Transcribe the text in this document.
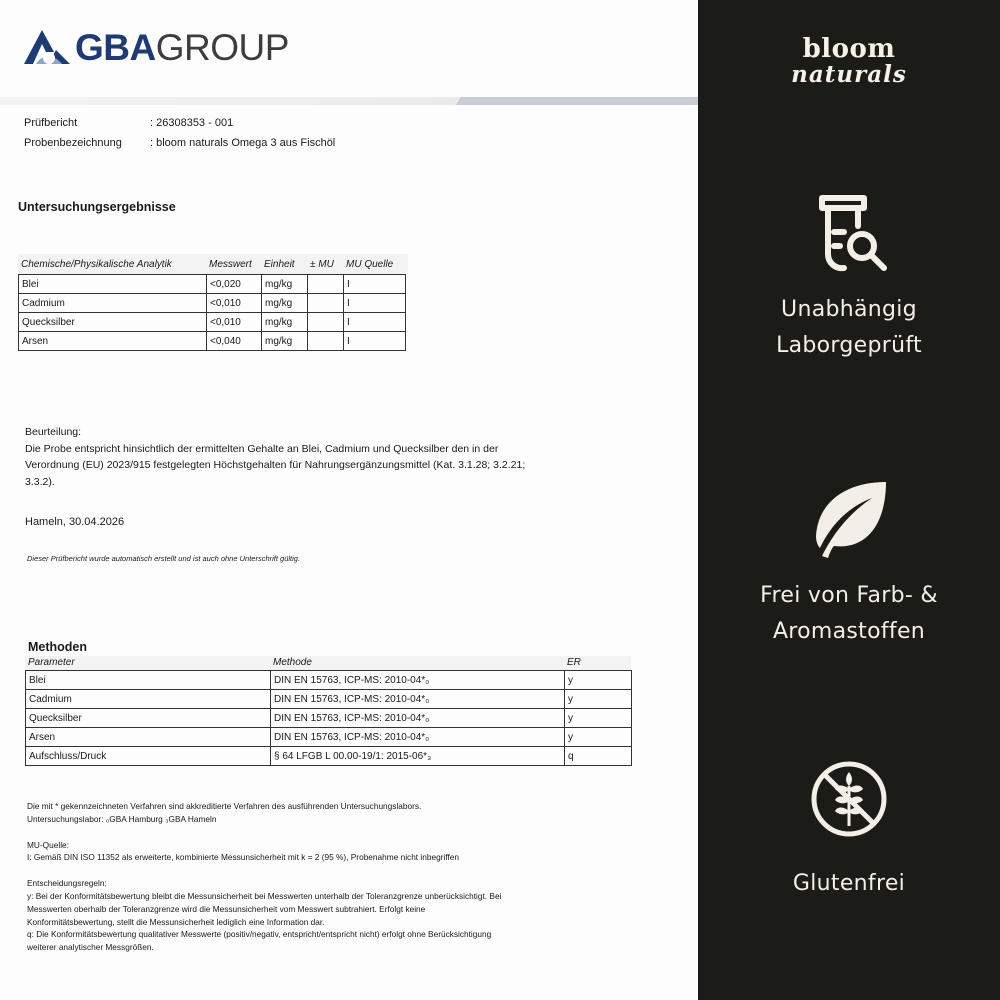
GBAGROUP
Prüfbericht	: 26308353 - 001
Probenbezeichnung	: bloom naturals Omega 3 aus Fischöl
Untersuchungsergebnisse
Chemische/Physikalische Analytik	Messwert	Einheit	± MU	MU Quelle
Blei	<0,020	mg/kg		I
Cadmium	<0,010	mg/kg		I
Quecksilber	<0,010	mg/kg		I
Arsen	<0,040	mg/kg		I
Beurteilung:
Die Probe entspricht hinsichtlich der ermittelten Gehalte an Blei, Cadmium und Quecksilber den in der
Verordnung (EU) 2023/915 festgelegten Höchstgehalten für Nahrungsergänzungsmittel (Kat. 3.1.28; 3.2.21;
3.3.2).
Hameln, 30.04.2026
Dieser Prüfbericht wurde automatisch erstellt und ist auch ohne Unterschrift gültig.
Methoden
Parameter	Methode	ER
Blei	DIN EN 15763, ICP-MS: 2010-04*₀	y
Cadmium	DIN EN 15763, ICP-MS: 2010-04*₀	y
Quecksilber	DIN EN 15763, ICP-MS: 2010-04*₀	y
Arsen	DIN EN 15763, ICP-MS: 2010-04*₀	y
Aufschluss/Druck	§ 64 LFGB L 00.00-19/1: 2015-06*₃	q

Die mit * gekennzeichneten Verfahren sind akkreditierte Verfahren des ausführenden Untersuchungslabors.

Untersuchungslabor: ₀GBA Hamburg ₃GBA Hameln

MU-Quelle:

I: Gemäß DIN ISO 11352 als erweiterte, kombinierte Messunsicherheit mit k = 2 (95 %), Probenahme nicht inbegriffen

Entscheidungsregeln:

y: Bei der Konformitätsbewertung bleibt die Messunsicherheit bei Messwerten unterhalb der Toleranzgrenze unberücksichtigt. Bei

Messwerten oberhalb der Toleranzgrenze wird die Messunsicherheit vom Messwert subtrahiert. Erfolgt keine

Konformitätsbewertung, stellt die Messunsicherheit lediglich eine Information dar.

q: Die Konformitätsbewertung qualitativer Messwerte (positiv/negativ, entspricht/entspricht nicht) erfolgt ohne Berücksichtigung

weiterer analytischer Messgrößen.

bloom
naturals
Unabhängig
Laborgeprüft
Frei von Farb- &
Aromastoffen
Glutenfrei
